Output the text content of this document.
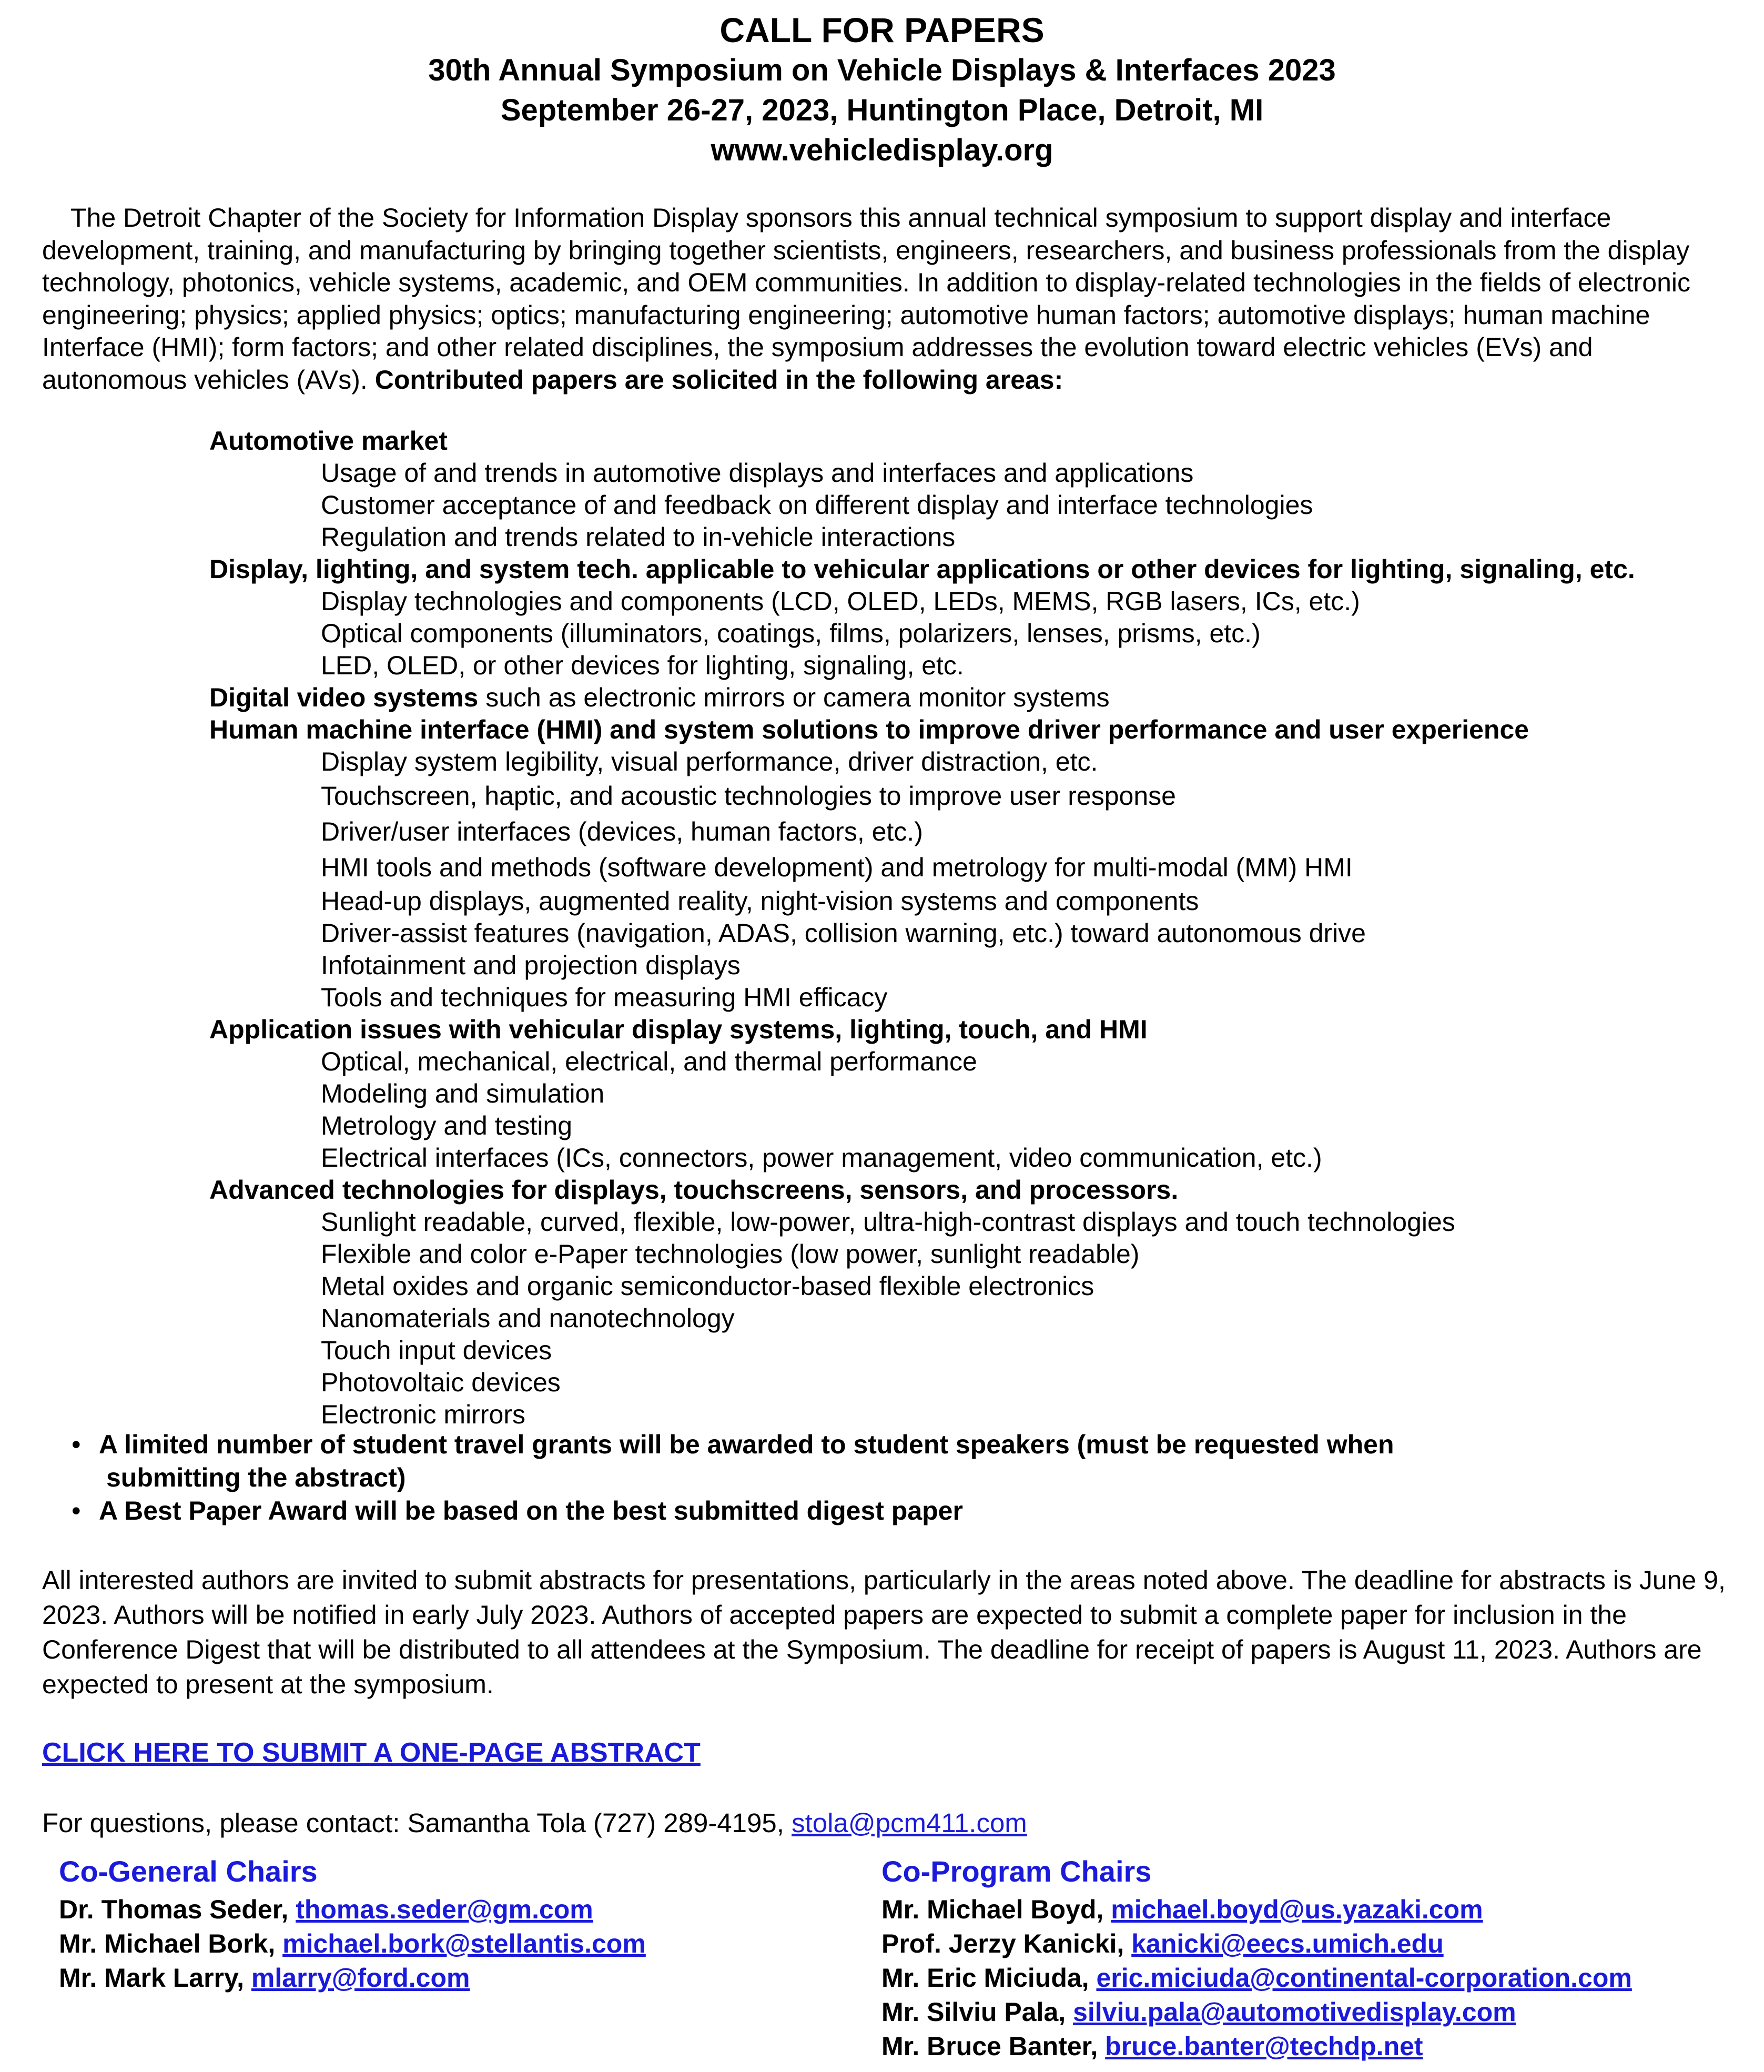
CALL FOR PAPERS
30th Annual Symposium on Vehicle Displays & Interfaces 2023
September 26-27, 2023, Huntington Place, Detroit, MI
www.vehicledisplay.org
The Detroit Chapter of the Society for Information Display sponsors this annual technical symposium to support display and interface development, training, and manufacturing by bringing together scientists, engineers, researchers, and business professionals from the display technology, photonics, vehicle systems, academic, and OEM communities. In addition to display-related technologies in the fields of electronic engineering; physics; applied physics; optics; manufacturing engineering; automotive human factors; automotive displays; human machine Interface (HMI); form factors; and other related disciplines, the symposium addresses the evolution toward electric vehicles (EVs) and autonomous vehicles (AVs). Contributed papers are solicited in the following areas:
Automotive market
Usage of and trends in automotive displays and interfaces and applications
Customer acceptance of and feedback on different display and interface technologies
Regulation and trends related to in-vehicle interactions
Display, lighting, and system tech. applicable to vehicular applications or other devices for lighting, signaling, etc.
Display technologies and components (LCD, OLED, LEDs, MEMS, RGB lasers, ICs, etc.)
Optical components (illuminators, coatings, films, polarizers, lenses, prisms, etc.)
LED, OLED, or other devices for lighting, signaling, etc.
Digital video systems such as electronic mirrors or camera monitor systems
Human machine interface (HMI) and system solutions to improve driver performance and user experience
Display system legibility, visual performance, driver distraction, etc.
Touchscreen, haptic, and acoustic technologies to improve user response
Driver/user interfaces (devices, human factors, etc.)
HMI tools and methods (software development) and metrology for multi-modal (MM) HMI
Head-up displays, augmented reality, night-vision systems and components
Driver-assist features (navigation, ADAS, collision warning, etc.) toward autonomous drive
Infotainment and projection displays
Tools and techniques for measuring HMI efficacy
Application issues with vehicular display systems, lighting, touch, and HMI
Optical, mechanical, electrical, and thermal performance
Modeling and simulation
Metrology and testing
Electrical interfaces (ICs, connectors, power management, video communication, etc.)
Advanced technologies for displays, touchscreens, sensors, and processors.
Sunlight readable, curved, flexible, low-power, ultra-high-contrast displays and touch technologies
Flexible and color e-Paper technologies (low power, sunlight readable)
Metal oxides and organic semiconductor-based flexible electronics
Nanomaterials and nanotechnology
Touch input devices
Photovoltaic devices
Electronic mirrors
• A limited number of student travel grants will be awarded to student speakers (must be requested when
submitting the abstract)
• A Best Paper Award will be based on the best submitted digest paper
All interested authors are invited to submit abstracts for presentations, particularly in the areas noted above. The deadline for abstracts is June 9, 2023. Authors will be notified in early July 2023. Authors of accepted papers are expected to submit a complete paper for inclusion in the Conference Digest that will be distributed to all attendees at the Symposium. The deadline for receipt of papers is August 11, 2023. Authors are expected to present at the symposium.
CLICK HERE TO SUBMIT A ONE-PAGE ABSTRACT
For questions, please contact: Samantha Tola (727) 289-4195, stola@pcm411.com
Co-General Chairs
Dr. Thomas Seder, thomas.seder@gm.com
Mr. Michael Bork, michael.bork@stellantis.com
Mr. Mark Larry, mlarry@ford.com
Co-Program Chairs
Mr. Michael Boyd, michael.boyd@us.yazaki.com
Prof. Jerzy Kanicki, kanicki@eecs.umich.edu
Mr. Eric Miciuda, eric.miciuda@continental-corporation.com
Mr. Silviu Pala, silviu.pala@automotivedisplay.com
Mr. Bruce Banter, bruce.banter@techdp.net
